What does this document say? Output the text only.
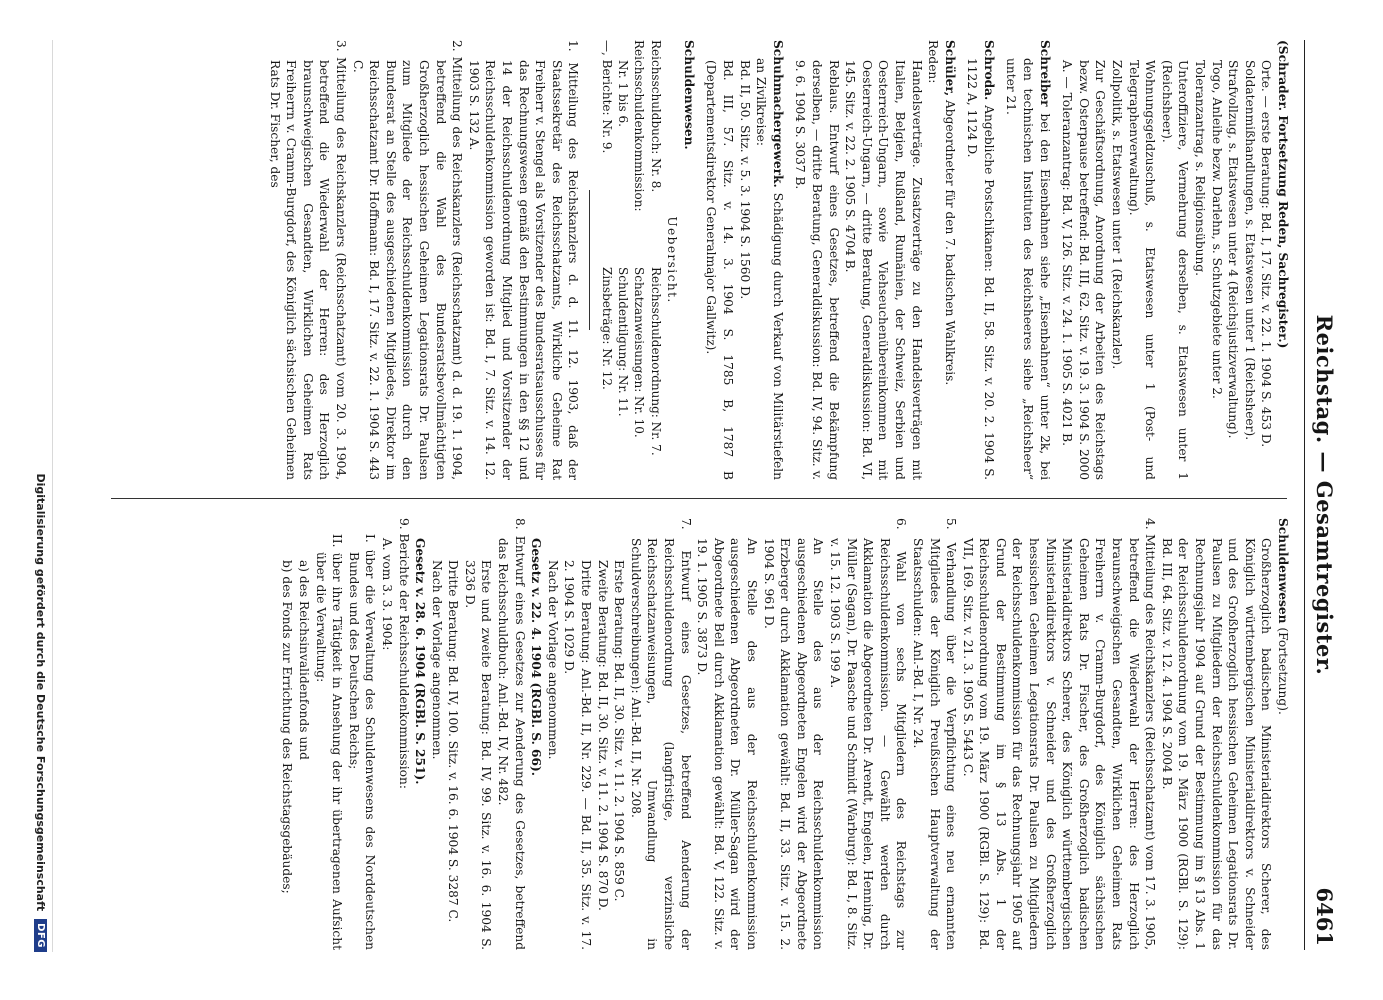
Reichstag. — Gesamtregister.
6461

(Schrader. Fortsetzung Reden, Sachregister.)

Orte. — erste Beratung: Bd. I, 17. Sitz. v. 22. 1. 1904 S. 453 D.

Soldatenmißhandlungen, s. Etatswesen unter 1 (Reichsheer).

Strafvollzug, s. Etatswesen unter 4 (Reichsjustizverwaltung).

Togo, Anleihe bezw. Darlehn, s. Schutzgebiete unter 2.

Toleranzantrag, s. Religionsübung.

Unteroffiziere, Vermehrung derselben, s. Etatswesen unter 1 (Reichsheer).

Wohnungsgeldzuschuß, s. Etatswesen unter 1 (Post- und Telegraphenverwaltung).

Zollpolitik, s. Etatswesen unter 1 (Reichskanzler).

Zur Geschäftsordnung, Anordnung der Arbeiten des Reichstags bezw. Osterpause betreffend: Bd. III, 62. Sitz. v. 19. 3. 1904 S. 2000 A. — Toleranzantrag: Bd. V, 126. Sitz. v. 24. 1. 1905 S. 4021 B.

Schreiber bei den Eisenbahnen siehe „Eisenbahnen“ unter 2k, bei den technischen Instituten des Reichsheeres siehe „Reichsheer“ unter 21.

Schroda. Angebliche Postschikanen: Bd. II, 58. Sitz. v. 20. 2. 1904 S. 1122 A, 1124 D.

Schüler, Abgeordneter für den 7. badischen Wahlkreis.

Reden:

Handelsverträge. Zusatzverträge zu den Handelsverträgen mit Italien, Belgien, Rußland, Rumänien, der Schweiz, Serbien und Oesterreich-Ungarn, sowie Viehseuchenübereinkommen mit Oesterreich-Ungarn, — dritte Beratung, Generaldiskussion: Bd. VI, 145. Sitz. v. 22. 2. 1905 S. 4704 B.

Reblaus. Entwurf eines Gesetzes, betreffend die Bekämpfung derselben, — dritte Beratung, Generaldiskussion: Bd. IV, 94. Sitz. v. 9. 6. 1904 S. 3037 B.

Schuhmachergewerk. Schädigung durch Verkauf von Militärstiefeln an Zivilkreise:

Bd. II, 50. Sitz. v. 5. 3. 1904 S. 1560 D.

Bd. III, 57. Sitz. v. 14. 3. 1904 S. 1785 B, 1787 B (Departementsdirektor Generalmajor Gallwitz).

Schuldenwesen.

Uebersicht.

Reichsschuldbuch: Nr. 8.

Reichsschuldenkommission:

Nr. 1 bis 6.

—, Berichte: Nr. 9.

Reichsschuldenordnung: Nr. 7.

Schatzanweisungen: Nr. 10.

Schuldentilgung: Nr. 11.

Zinsbeträge: Nr. 12.

1. Mitteilung des Reichskanzlers d. d. 11. 12. 1903, daß der Staatssekretär des Reichsschatzamts, Wirkliche Geheime Rat Freiherr v. Stengel als Vorsitzender des Bundesratsausschusses für das Rechnungswesen gemäß den Bestimmungen in den §§ 12 und 14 der Reichsschuldenordnung Mitglied und Vorsitzender der Reichsschuldenkommission geworden ist: Bd. I, 7. Sitz. v. 14. 12. 1903 S. 132 A.

2. Mitteilung des Reichskanzlers (Reichsschatzamt) d. d. 19. 1. 1904, betreffend die Wahl des Bundesratsbevollmächtigten Großherzoglich hessischen Geheimen Legationsrats Dr. Paulsen zum Mitgliede der Reichsschuldenkommission durch den Bundesrat an Stelle des ausgeschiedenen Mitgliedes, Direktor im Reichsschatzamt Dr. Hoffmann: Bd. I, 17. Sitz. v. 22. 1. 1904 S. 443 C.

3. Mitteilung des Reichskanzlers (Reichsschatzamt) vom 20. 3. 1904, betreffend die Wiederwahl der Herren: des Herzoglich braunschweigischen Gesandten, Wirklichen Geheimen Rats Freiherrn v. Cramm-Burgdorf, des Königlich sächsischen Geheimen Rats Dr. Fischer, des

Schuldenwesen (Fortsetzung).

Großherzoglich badischen Ministerialdirektors Scherer, des Königlich württembergischen Ministerialdirektors v. Schneider und des Großherzoglich hessischen Geheimen Legationsrats Dr. Paulsen zu Mitgliedern der Reichsschuldenkommission für das Rechnungsjahr 1904 auf Grund der Bestimmung im § 13 Abs. 1 der Reichsschuldenordnung vom 19. März 1900 (RGBl. S. 129): Bd. III, 64. Sitz. v. 12. 4. 1904 S. 2004 B.

4. Mitteilung des Reichskanzlers (Reichsschatzamt) vom 17. 3. 1905, betreffend die Wiederwahl der Herren: des Herzoglich braunschweigischen Gesandten, Wirklichen Geheimen Rats Freiherrn v. Cramm-Burgdorf, des Königlich sächsischen Geheimen Rats Dr. Fischer, des Großherzoglich badischen Ministerialdirektors Scherer, des Königlich württembergischen Ministerialdirektors v. Schneider und des Großherzoglich hessischen Geheimen Legationsrats Dr. Paulsen zu Mitgliedern der Reichsschuldenkommission für das Rechnungsjahr 1905 auf Grund der Bestimmung im § 13 Abs. 1 der Reichsschuldenordnung vom 19. März 1900 (RGBl. S. 129): Bd. VII, 169. Sitz. v. 21. 3. 1905 S. 5443 C.

5. Verhandlung über die Verpflichtung eines neu ernannten Mitgliedes der Königlich Preußischen Hauptverwaltung der Staatsschulden: Anl.-Bd. I, Nr. 24.

6. Wahl von sechs Mitgliedern des Reichstags zur Reichsschuldenkommission. — Gewählt werden durch Akklamation die Abgeordneten Dr. Arendt, Engelen, Henning, Dr. Müller (Sagan), Dr. Paasche und Schmidt (Warburg): Bd. I, 8. Sitz. v. 15. 12. 1903 S. 199 A.

An Stelle des aus der Reichsschuldenkommission ausgeschiedenen Abgeordneten Engelen wird der Abgeordnete Erzberger durch Akklamation gewählt: Bd. II, 33. Sitz. v. 15. 2. 1904 S. 961 D.

An Stelle des aus der Reichsschuldenkommission ausgeschiedenen Abgeordneten Dr. Müller-Sagan wird der Abgeordnete Bell durch Akklamation gewählt: Bd. V, 122. Sitz. v. 19. 1. 1905 S. 3873 D.

7. Entwurf eines Gesetzes, betreffend Aenderung der Reichsschuldenordnung (langfristige, verzinsliche Reichsschatzanweisungen, Umwandlung in Schuldverschreibungen): Anl.-Bd. II, Nr. 208.

Erste Beratung: Bd. II, 30. Sitz. v. 11. 2. 1904 S. 859 C.

Zweite Beratung: Bd. II, 30. Sitz. v. 11. 2. 1904 S. 870 D.

Dritte Beratung: Anl.-Bd. II, Nr. 229. — Bd. II, 35. Sitz. v. 17. 2. 1904 S. 1029 D.

Nach der Vorlage angenommen.

Gesetz v. 22. 4. 1904 (RGBl. S. 66).

8. Entwurf eines Gesetzes zur Aenderung des Gesetzes, betreffend das Reichsschuldbuch: Anl.-Bd. IV, Nr. 482.

Erste und zweite Beratung: Bd. IV, 99. Sitz. v. 16. 6. 1904 S. 3236 D.

Dritte Beratung: Bd. IV, 100. Sitz. v. 16. 6. 1904 S. 3287 C.

Nach der Vorlage angenommen.

Gesetz v. 28. 6. 1904 (RGBl. S. 251).

9. Berichte der Reichsschuldenkommission:

A. vom 3. 3. 1904:

I. über die Verwaltung des Schuldenwesens des Norddeutschen Bundes und des Deutschen Reichs;

II. über ihre Tätigkeit in Ansehung der ihr übertragenen Aufsicht über die Verwaltung:

a) des Reichsinvalidenfonds und

b) des Fonds zur Errichtung des Reichstagsgebäudes;

Digitalisierung gefördert durch die Deutsche Forschungsgemeinschaft
DFG
